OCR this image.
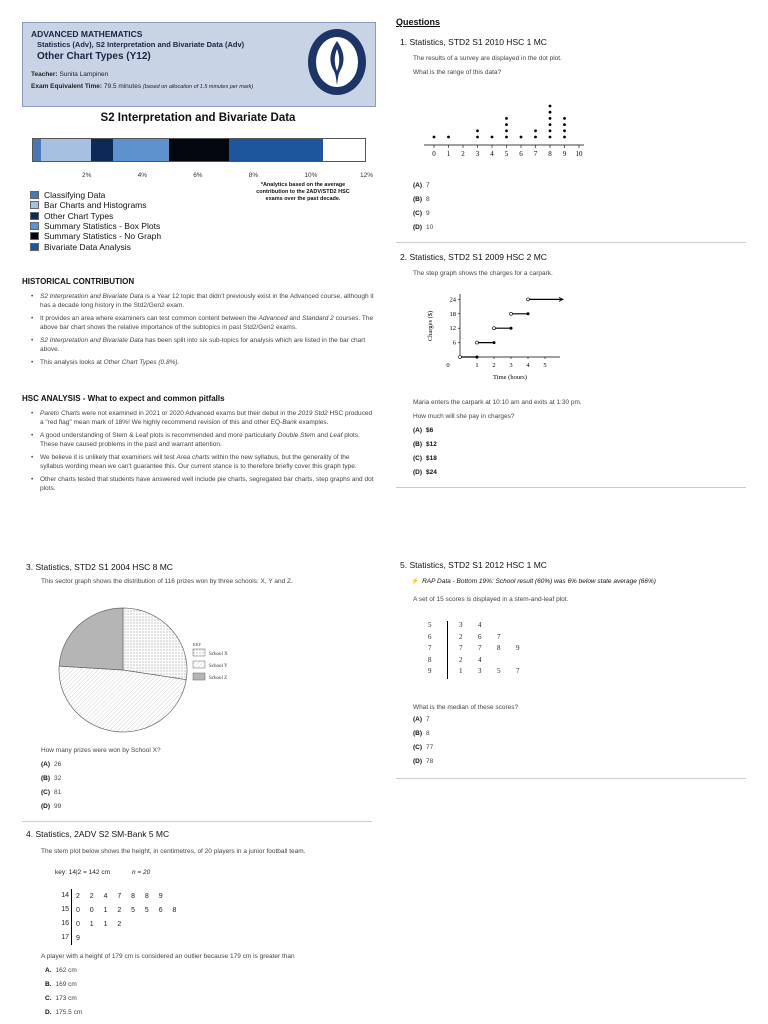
ADVANCED MATHEMATICS
Statistics (Adv), S2 Interpretation and Bivariate Data (Adv)
Other Chart Types (Y12)
Teacher: Sunita Lampinen
Exam Equivalent Time: 79.5 minutes (based on allocation of 1.5 minutes per mark)
S2 Interpretation and Bivariate Data
2%	4%	6%	8%	10%	12%
Classifying Data
Bar Charts and Histograms
Other Chart Types
Summary Statistics - Box Plots
Summary Statistics - No Graph
Bivariate Data Analysis
*Analytics based on the average contribution to the 2ADV/STD2 HSC exams over the past decade.
HISTORICAL CONTRIBUTION
• S2 Interpretation and Bivariate Data is a Year 12 topic that didn't previously exist in the Advanced course, although it has a decade long history in the Std2/Gen2 exam.
• It provides an area where examiners can test common content between the Advanced and Standard 2 courses. The above bar chart shows the relative importance of the subtopics in past Std2/Gen2 exams.
• S2 Interpretation and Bivariate Data has been split into six sub-topics for analysis which are listed in the bar chart above.
• This analysis looks at Other Chart Types (0.8%).
HSC ANALYSIS - What to expect and common pitfalls
• Pareto Charts were not examined in 2021 or 2020 Advanced exams but their debut in the 2019 Std2 HSC produced a "red flag" mean mark of 18%! We highly recommend revision of this and other EQ-Bank examples.
• A good understanding of Stem & Leaf plots is recommended and more particularly Double Stem and Leaf plots. These have caused problems in the past and warrant attention.
• We believe it is unlikely that examiners will test Area charts within the new syllabus, but the generality of the syllabus wording mean we can't guarantee this. Our current stance is to therefore briefly cover this graph type.
• Other charts tested that students have answered well include pie charts, segregated bar charts, step graphs and dot plots.
Questions
1. Statistics, STD2 S1 2010 HSC 1 MC
The results of a survey are displayed in the dot plot.
What is the range of this data?
0 1 2 3 4 5 6 7 8 9 10
(A) 7
(B) 8
(C) 9
(D) 10
2. Statistics, STD2 S1 2009 HSC 2 MC
The step graph shows the charges for a carpark.
24
18
12
6
0	1 2 3 4 5
Charges ($)
Time (hours)
Maria enters the carpark at 10:10 am and exits at 1:30 pm.
How much will she pay in charges?
(A) $6
(B) $12
(C) $18
(D) $24
3. Statistics, STD2 S1 2004 HSC 8 MC
This sector graph shows the distribution of 116 prizes won by three schools: X, Y and Z.
KEY
School X
School Y
School Z
How many prizes were won by School X?
(A) 26
(B) 32
(C) 81
(D) 99
4. Statistics, 2ADV S2 SM-Bank 5 MC
The stem plot below shows the height, in centimetres, of 20 players in a junior football team.
key: 14|2 = 142 cm	n = 20
14	2  2  4  7  8  8  9
15	0  0  1  2  5  5  6  8
16	0  1  1  2
17	9
A player with a height of 179 cm is considered an outlier because 179 cm is greater than
A. 162 cm
B. 169 cm
C. 173 cm
D. 175.5 cm
5. Statistics, STD2 S1 2012 HSC 1 MC
⚡ RAP Data - Bottom 19%: School result (60%) was 6% below state average (66%)
A set of 15 scores is displayed in a stem-and-leaf plot.
5	3 4
6	2 6 7
7	7 7 8 9
8	2 4
9	1 3 5 7
What is the median of these scores?
(A) 7
(B) 8
(C) 77
(D) 78
